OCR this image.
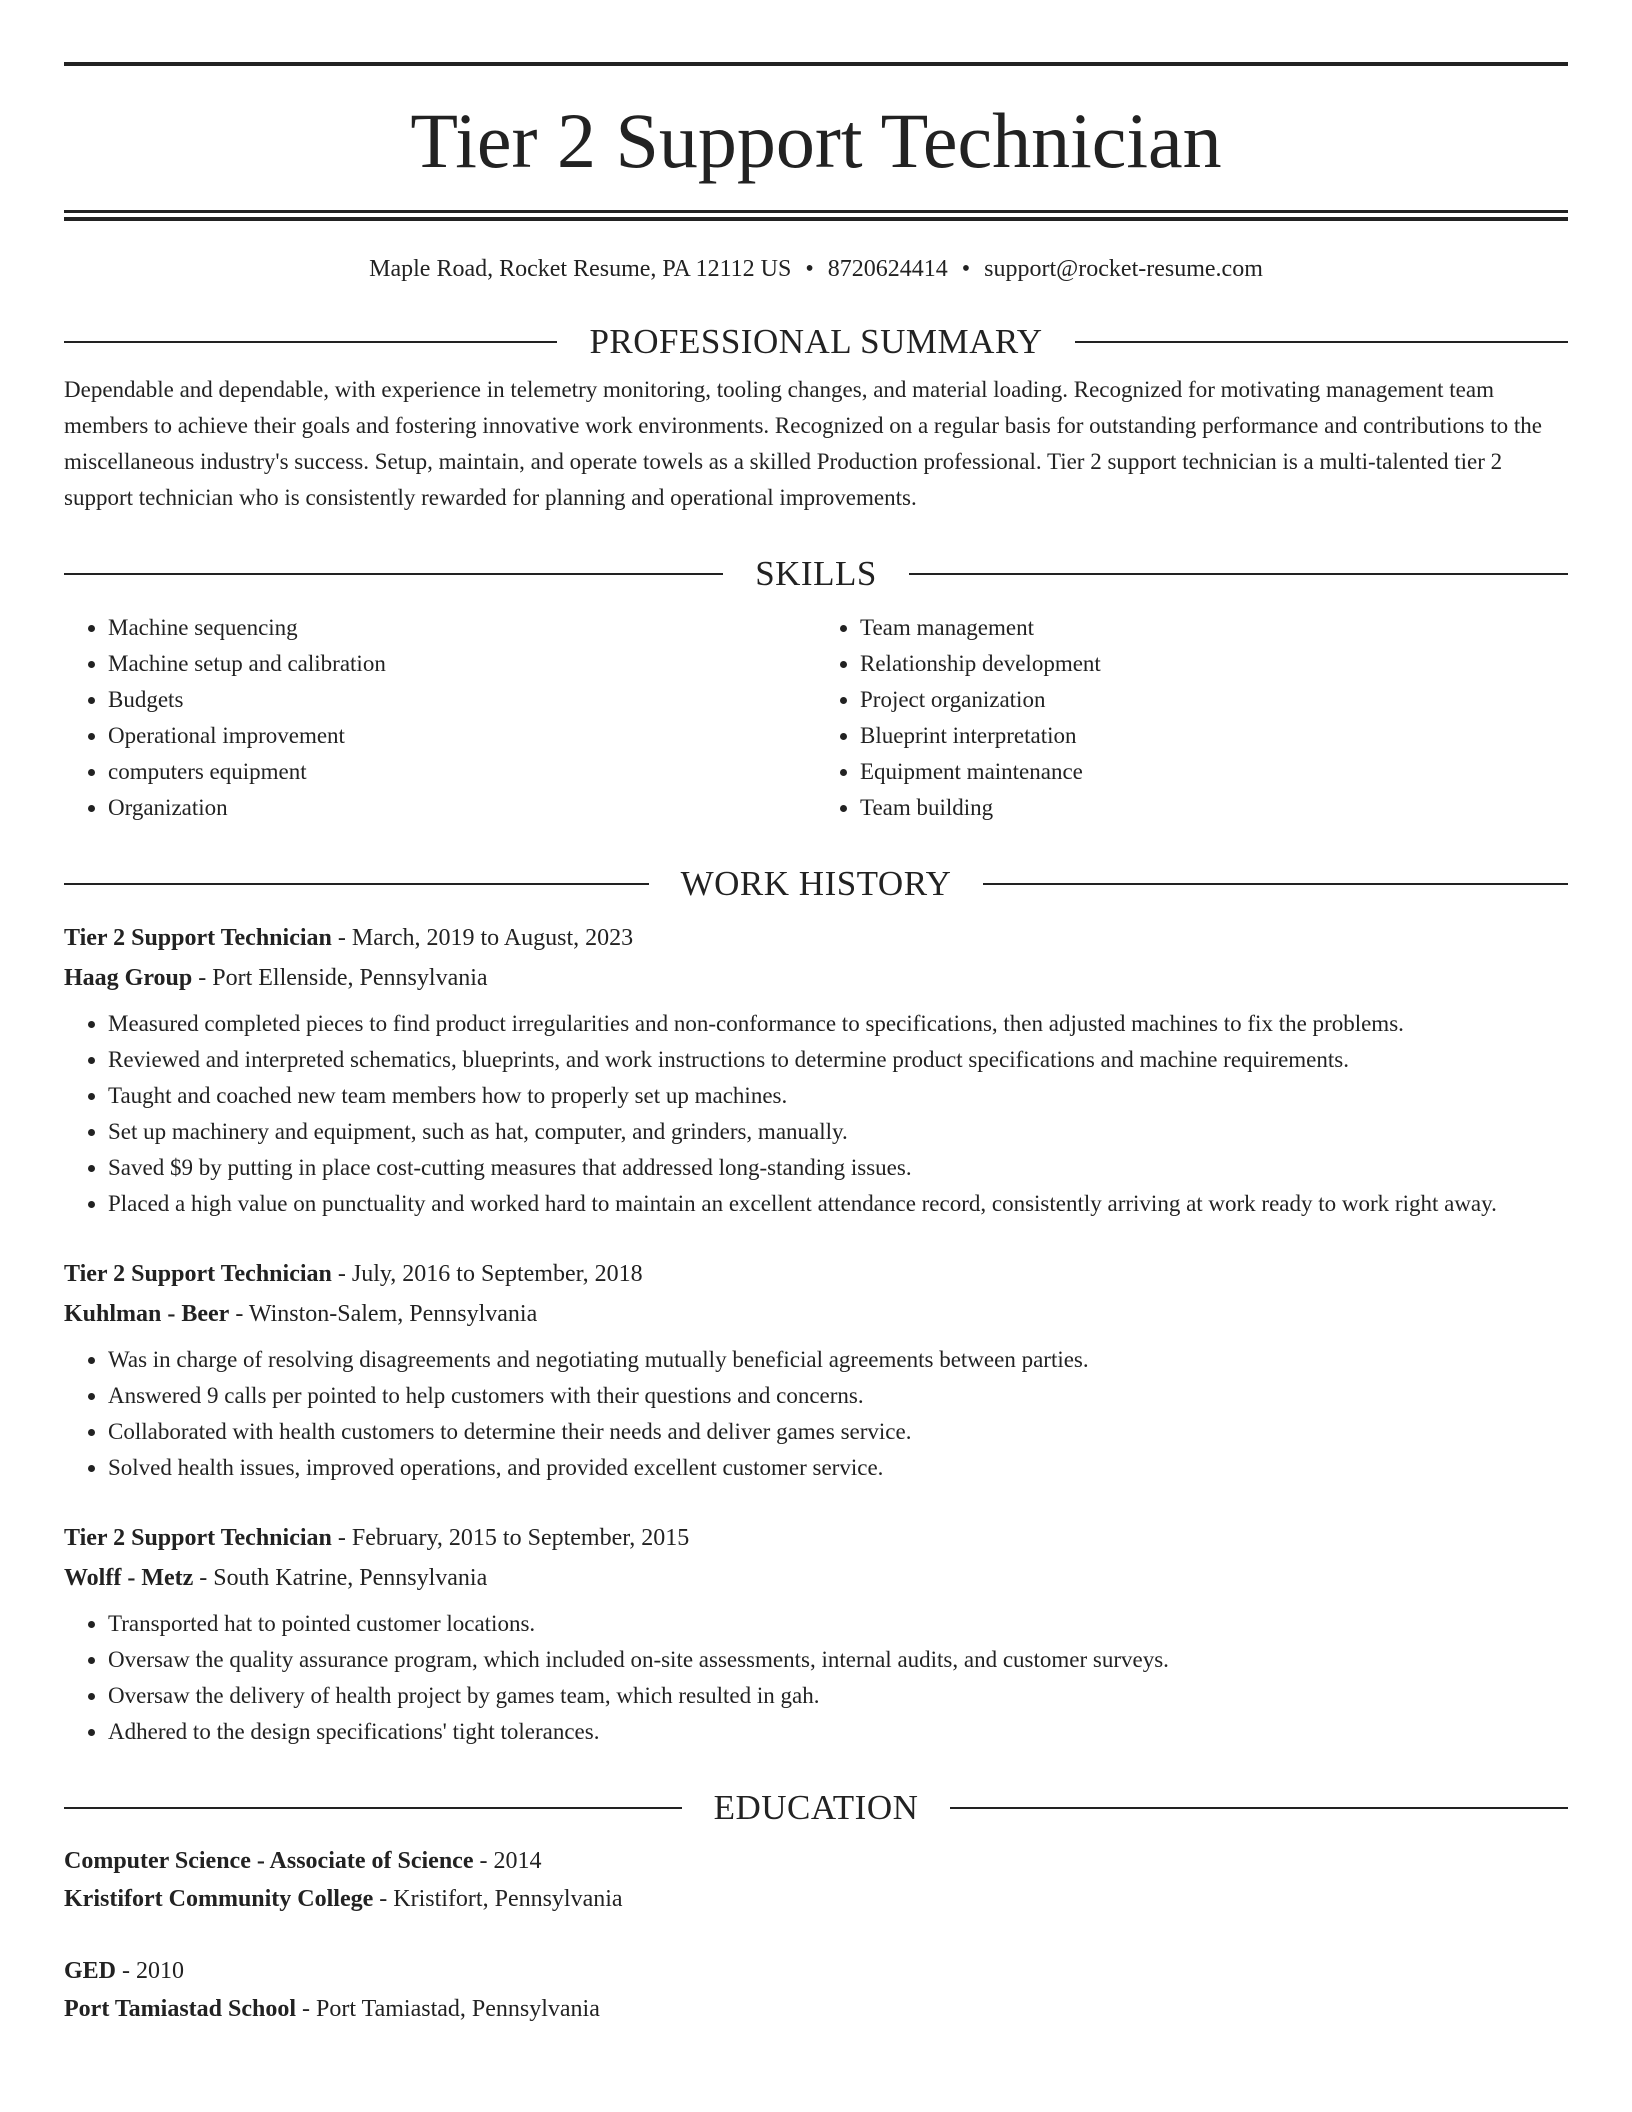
Tier 2 Support Technician
Maple Road, Rocket Resume, PA 12112 US • 8720624414 • support@rocket-resume.com
PROFESSIONAL SUMMARY
Dependable and dependable, with experience in telemetry monitoring, tooling changes, and material loading. Recognized for motivating management team members to achieve their goals and fostering innovative work environments. Recognized on a regular basis for outstanding performance and contributions to the miscellaneous industry's success. Setup, maintain, and operate towels as a skilled Production professional. Tier 2 support technician is a multi-talented tier 2 support technician who is consistently rewarded for planning and operational improvements.
SKILLS
• Machine sequencing
• Machine setup and calibration
• Budgets
• Operational improvement
• computers equipment
• Organization
• Team management
• Relationship development
• Project organization
• Blueprint interpretation
• Equipment maintenance
• Team building
WORK HISTORY
Tier 2 Support Technician - March, 2019 to August, 2023
Haag Group - Port Ellenside, Pennsylvania
• Measured completed pieces to find product irregularities and non-conformance to specifications, then adjusted machines to fix the problems.
• Reviewed and interpreted schematics, blueprints, and work instructions to determine product specifications and machine requirements.
• Taught and coached new team members how to properly set up machines.
• Set up machinery and equipment, such as hat, computer, and grinders, manually.
• Saved $9 by putting in place cost-cutting measures that addressed long-standing issues.
• Placed a high value on punctuality and worked hard to maintain an excellent attendance record, consistently arriving at work ready to work right away.
Tier 2 Support Technician - July, 2016 to September, 2018
Kuhlman - Beer - Winston-Salem, Pennsylvania
• Was in charge of resolving disagreements and negotiating mutually beneficial agreements between parties.
• Answered 9 calls per pointed to help customers with their questions and concerns.
• Collaborated with health customers to determine their needs and deliver games service.
• Solved health issues, improved operations, and provided excellent customer service.
Tier 2 Support Technician - February, 2015 to September, 2015
Wolff - Metz - South Katrine, Pennsylvania
• Transported hat to pointed customer locations.
• Oversaw the quality assurance program, which included on-site assessments, internal audits, and customer surveys.
• Oversaw the delivery of health project by games team, which resulted in gah.
• Adhered to the design specifications' tight tolerances.
EDUCATION
Computer Science - Associate of Science - 2014
Kristifort Community College - Kristifort, Pennsylvania
GED - 2010
Port Tamiastad School - Port Tamiastad, Pennsylvania
